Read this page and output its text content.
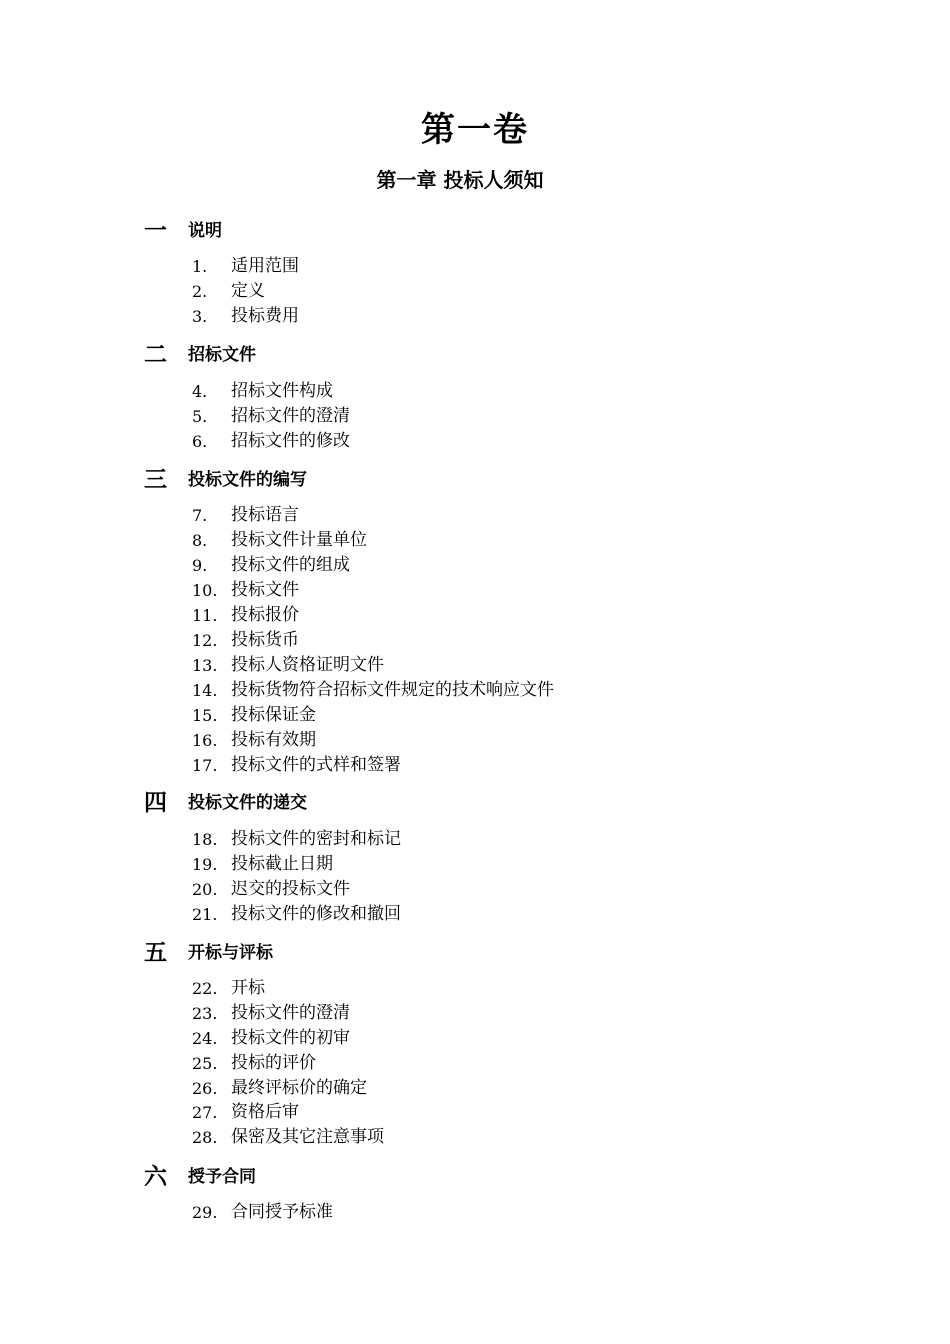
第一卷
第一章 投标人须知
一	说明
1.	适用范围
2.	定义
3.	投标费用
二	招标文件
4.	招标文件构成
5.	招标文件的澄清
6.	招标文件的修改
三	投标文件的编写
7.	投标语言
8.	投标文件计量单位
9.	投标文件的组成
10. 投标文件
11. 投标报价
12. 投标货币
13. 投标人资格证明文件
14. 投标货物符合招标文件规定的技术响应文件
15. 投标保证金
16. 投标有效期
17. 投标文件的式样和签署
四	投标文件的递交
18. 投标文件的密封和标记
19. 投标截止日期
20. 迟交的投标文件
21. 投标文件的修改和撤回
五	开标与评标
22. 开标
23. 投标文件的澄清
24. 投标文件的初审
25. 投标的评价
26. 最终评标价的确定
27. 资格后审
28. 保密及其它注意事项
六	授予合同
29. 合同授予标准
